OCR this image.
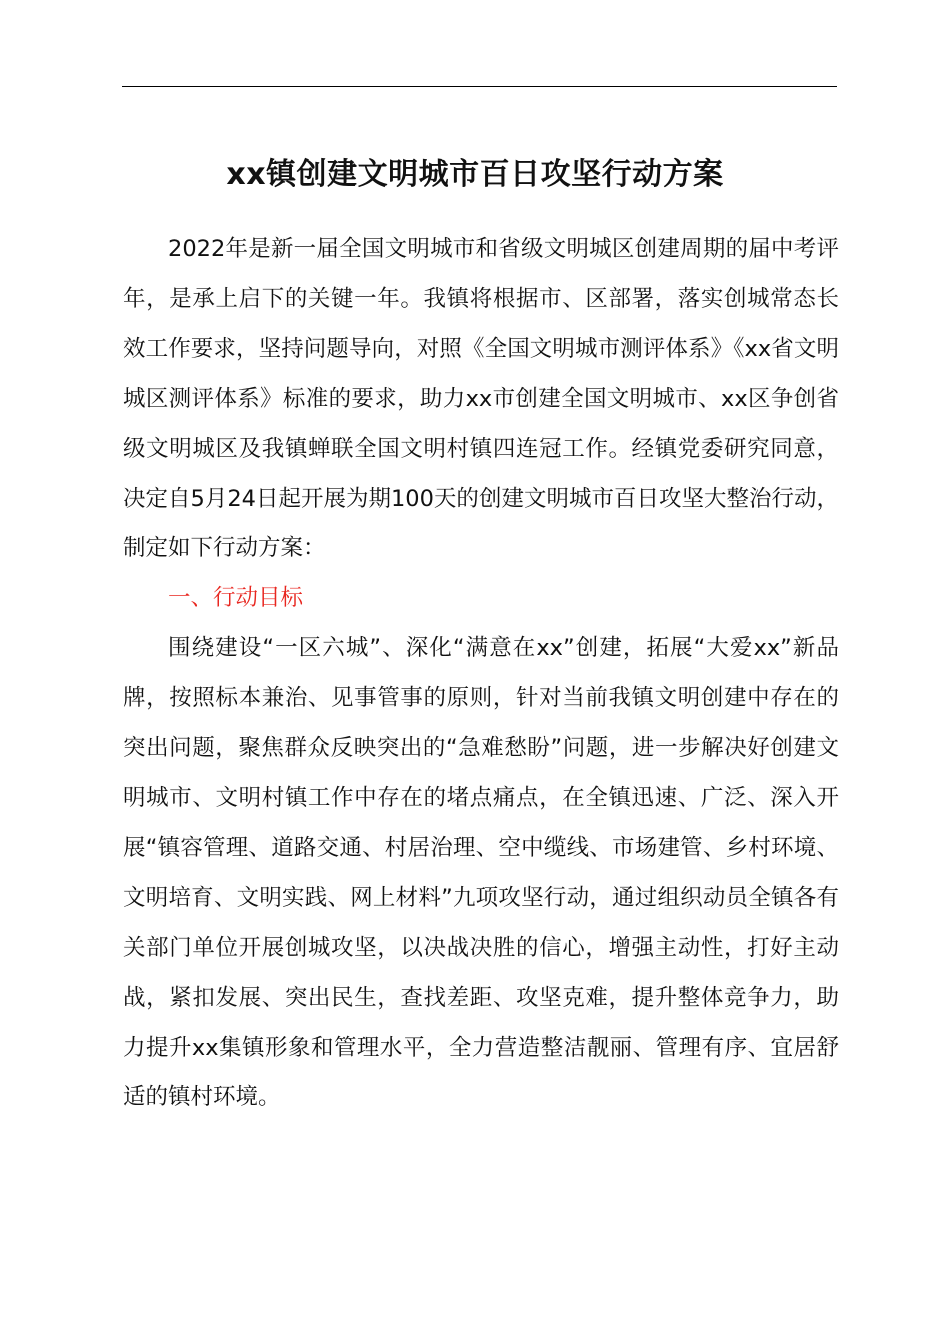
xx镇创建文明城市百日攻坚行动方案

2022年是新一届全国文明城市和省级文明城区创建周期的届中考评年，是承上启下的关键一年。我镇将根据市、区部署，落实创城常态长效工作要求，坚持问题导向，对照《全国文明城市测评体系》《xx省文明城区测评体系》标准的要求，助力xx市创建全国文明城市、xx区争创省级文明城区及我镇蝉联全国文明村镇四连冠工作。经镇党委研究同意，决定自5月24日起开展为期100天的创建文明城市百日攻坚大整治行动，制定如下行动方案：

一、行动目标

围绕建设“一区六城”、深化“满意在xx”创建，拓展“大爱xx”新品牌，按照标本兼治、见事管事的原则，针对当前我镇文明创建中存在的突出问题，聚焦群众反映突出的“急难愁盼”问题，进一步解决好创建文明城市、文明村镇工作中存在的堵点痛点，在全镇迅速、广泛、深入开展“镇容管理、道路交通、村居治理、空中缆线、市场建管、乡村环境、文明培育、文明实践、网上材料”九项攻坚行动，通过组织动员全镇各有关部门单位开展创城攻坚，以决战决胜的信心，增强主动性，打好主动战，紧扣发展、突出民生，查找差距、攻坚克难，提升整体竞争力，助力提升xx集镇形象和管理水平，全力营造整洁靓丽、管理有序、宜居舒适的镇村环境。
